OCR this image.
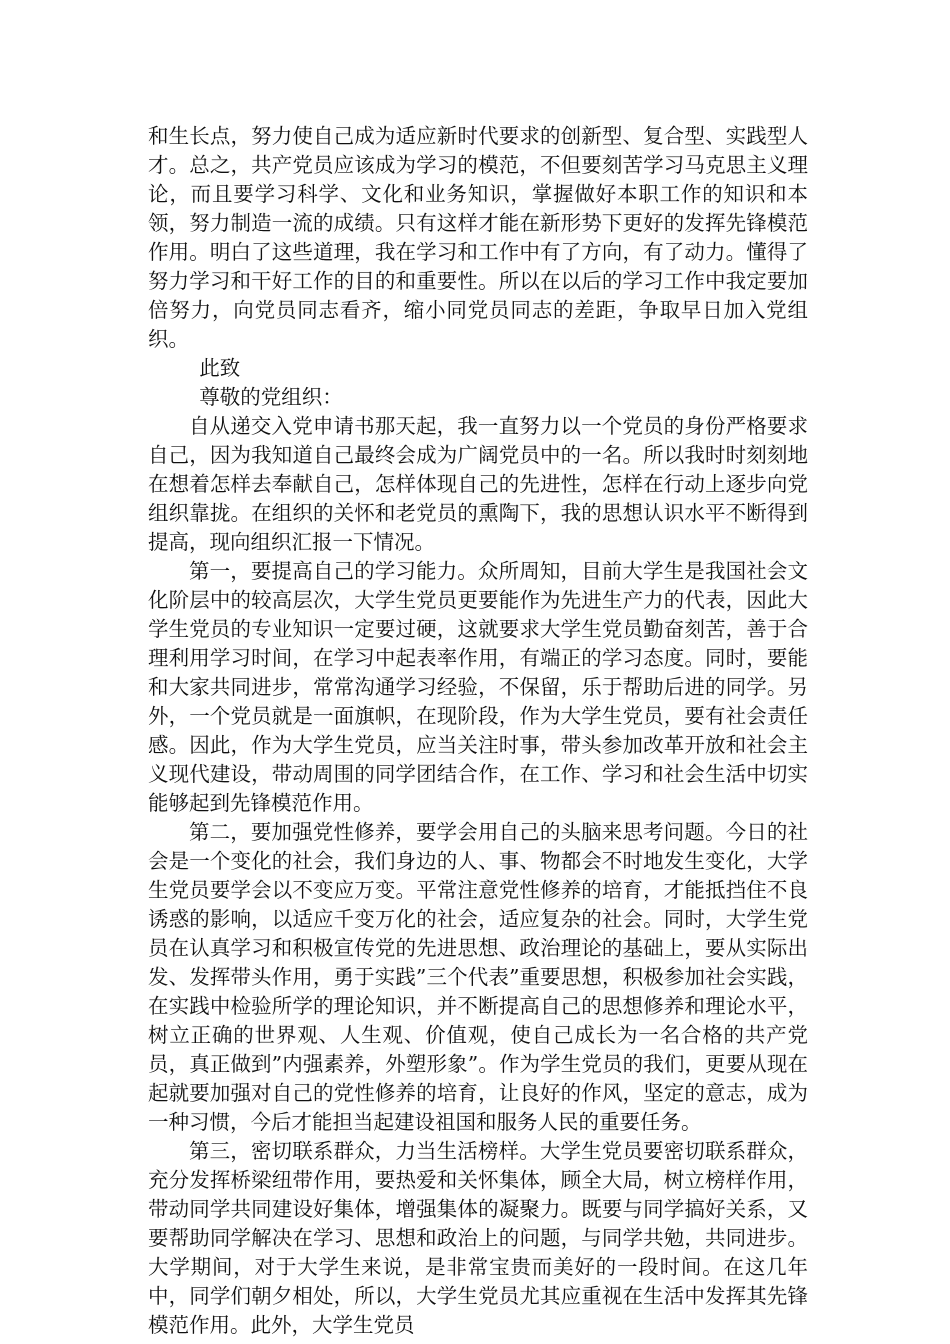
和生长点，努力使自己成为适应新时代要求的创新型、复合型、实践型人才。总之，共产党员应该成为学习的模范，不但要刻苦学习马克思主义理论，而且要学习科学、文化和业务知识，掌握做好本职工作的知识和本领，努力制造一流的成绩。只有这样才能在新形势下更好的发挥先锋模范作用。明白了这些道理，我在学习和工作中有了方向，有了动力。懂得了努力学习和干好工作的目的和重要性。所以在以后的学习工作中我定要加倍努力，向党员同志看齐，缩小同党员同志的差距，争取早日加入党组织。

此致

尊敬的党组织：

自从递交入党申请书那天起，我一直努力以一个党员的身份严格要求自己，因为我知道自己最终会成为广阔党员中的一名。所以我时时刻刻地在想着怎样去奉献自己，怎样体现自己的先进性，怎样在行动上逐步向党组织靠拢。在组织的关怀和老党员的熏陶下，我的思想认识水平不断得到提高，现向组织汇报一下情况。

第一，要提高自己的学习能力。众所周知，目前大学生是我国社会文化阶层中的较高层次，大学生党员更要能作为先进生产力的代表，因此大学生党员的专业知识一定要过硬，这就要求大学生党员勤奋刻苦，善于合理利用学习时间，在学习中起表率作用，有端正的学习态度。同时，要能和大家共同进步，常常沟通学习经验，不保留，乐于帮助后进的同学。另外，一个党员就是一面旗帜，在现阶段，作为大学生党员，要有社会责任感。因此，作为大学生党员，应当关注时事，带头参加改革开放和社会主义现代建设，带动周围的同学团结合作，在工作、学习和社会生活中切实能够起到先锋模范作用。

第二，要加强党性修养，要学会用自己的头脑来思考问题。今日的社会是一个变化的社会，我们身边的人、事、物都会不时地发生变化，大学生党员要学会以不变应万变。平常注意党性修养的培育，才能抵挡住不良诱惑的影响，以适应千变万化的社会，适应复杂的社会。同时，大学生党员在认真学习和积极宣传党的先进思想、政治理论的基础上，要从实际出发、发挥带头作用，勇于实践”三个代表”重要思想，积极参加社会实践，在实践中检验所学的理论知识，并不断提高自己的思想修养和理论水平，树立正确的世界观、人生观、价值观，使自己成长为一名合格的共产党员，真正做到”内强素养，外塑形象”。作为学生党员的我们，更要从现在起就要加强对自己的党性修养的培育，让良好的作风，坚定的意志，成为一种习惯，今后才能担当起建设祖国和服务人民的重要任务。

第三，密切联系群众，力当生活榜样。大学生党员要密切联系群众，充分发挥桥梁纽带作用，要热爱和关怀集体，顾全大局，树立榜样作用，带动同学共同建设好集体，增强集体的凝聚力。既要与同学搞好关系，又要帮助同学解决在学习、思想和政治上的问题，与同学共勉，共同进步。大学期间，对于大学生来说，是非常宝贵而美好的一段时间。在这几年中，同学们朝夕相处，所以，大学生党员尤其应重视在生活中发挥其先锋模范作用。此外，大学生党员
